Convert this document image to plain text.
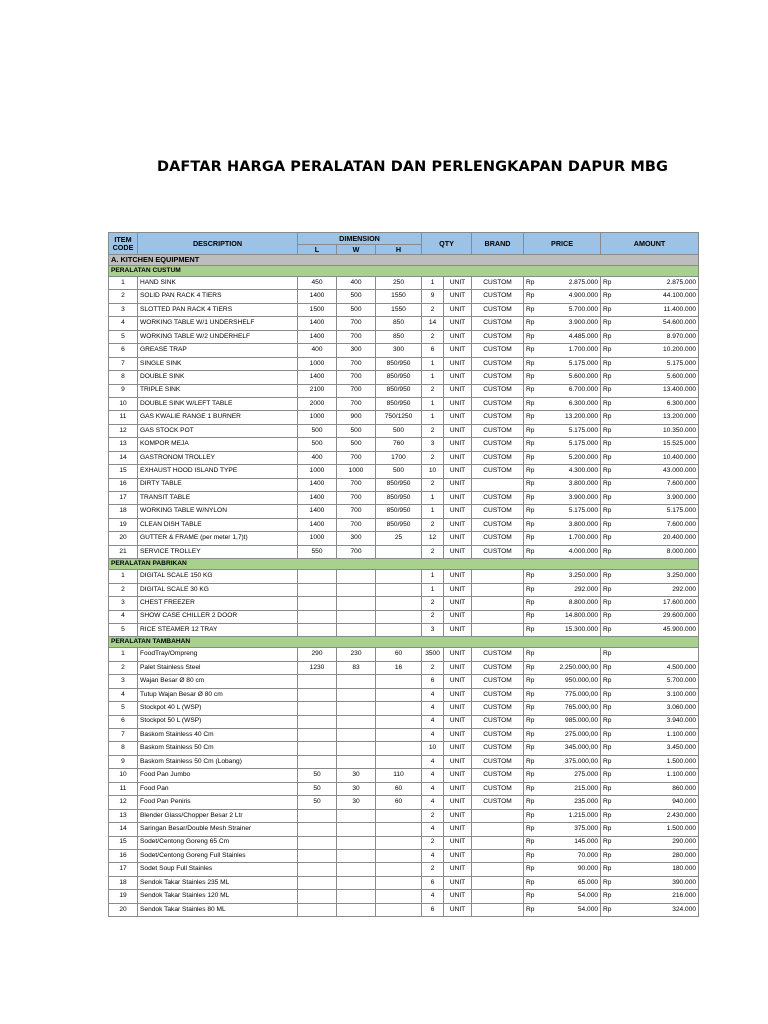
DAFTAR HARGA PERALATAN DAN PERLENGKAPAN DAPUR MBG
ITEM
CODE	DESCRIPTION	DIMENSION			QTY		BRAND	PRICE		AMOUNT	
		L	W	H							
A. KITCHEN EQUIPMENT											
PERALATAN CUSTUM											
1	HAND SINK	450	400	250	1	UNIT	CUSTOM	Rp	2.875.000	Rp	2.875.000
2	SOLID PAN RACK 4 TIERS	1400	500	1550	9	UNIT	CUSTOM	Rp	4.900.000	Rp	44.100.000
3	SLOTTED PAN RACK 4 TIERS	1500	500	1550	2	UNIT	CUSTOM	Rp	5.700.000	Rp	11.400.000
4	WORKING TABLE W/1 UNDERSHELF	1400	700	850	14	UNIT	CUSTOM	Rp	3.900.000	Rp	54.600.000
5	WORKING TABLE W/2 UNDERHELF	1400	700	850	2	UNIT	CUSTOM	Rp	4.485.000	Rp	8.970.000
6	GREASE TRAP	400	300	300	6	UNIT	CUSTOM	Rp	1.700.000	Rp	10.200.000
7	SINGLE SINK	1000	700	850/950	1	UNIT	CUSTOM	Rp	5.175.000	Rp	5.175.000
8	DOUBLE SINK	1400	700	850/950	1	UNIT	CUSTOM	Rp	5.600.000	Rp	5.600.000
9	TRIPLE SINK	2100	700	850/950	2	UNIT	CUSTOM	Rp	6.700.000	Rp	13.400.000
10	DOUBLE SINK W/LEFT TABLE	2000	700	850/950	1	UNIT	CUSTOM	Rp	6.300.000	Rp	6.300.000
11	GAS KWALIE RANGE 1 BURNER	1000	900	750/1250	1	UNIT	CUSTOM	Rp	13.200.000	Rp	13.200.000
12	GAS STOCK POT	500	500	500	2	UNIT	CUSTOM	Rp	5.175.000	Rp	10.350.000
13	KOMPOR MEJA	500	500	760	3	UNIT	CUSTOM	Rp	5.175.000	Rp	15.525.000
14	GASTRONOM TROLLEY	400	700	1700	2	UNIT	CUSTOM	Rp	5.200.000	Rp	10.400.000
15	EXHAUST HOOD ISLAND TYPE	1000	1000	500	10	UNIT	CUSTOM	Rp	4.300.000	Rp	43.000.000
16	DIRTY TABLE	1400	700	850/950	2	UNIT		Rp	3.800.000	Rp	7.600.000
17	TRANSIT TABLE	1400	700	850/950	1	UNIT	CUSTOM	Rp	3.900.000	Rp	3.900.000
18	WORKING TABLE W/NYLON	1400	700	850/950	1	UNIT	CUSTOM	Rp	5.175.000	Rp	5.175.000
19	CLEAN DISH TABLE	1400	700	850/950	2	UNIT	CUSTOM	Rp	3.800.000	Rp	7.600.000
20	GUTTER & FRAME (per meter 1,7)t)	1000	300	25	12	UNIT	CUSTOM	Rp	1.700.000	Rp	20.400.000
21	SERVICE TROLLEY	550	700		2	UNIT	CUSTOM	Rp	4.000.000	Rp	8.000.000
PERALATAN PABRIKAN											
1	DIGITAL SCALE 150 KG				1	UNIT		Rp	3.250.000	Rp	3.250.000
2	DIGITAL SCALE 30 KG				1	UNIT		Rp	292.000	Rp	292.000
3	CHEST FREEZER				2	UNIT		Rp	8.800.000	Rp	17.600.000
4	SHOW CASE CHILLER 2 DOOR				2	UNIT		Rp	14.800.000	Rp	29.600.000
5	RICE STEAMER 12 TRAY				3	UNIT		Rp	15.300.000	Rp	45.900.000
PERALATAN TAMBAHAN											
1	FoodTray/Ompreng	290	230	60	3500	UNIT	CUSTOM	Rp		Rp	
2	Palet Stainless Steel	1230	83	16	2	UNIT	CUSTOM	Rp	2.250.000,00	Rp	4.500.000
3	Wajan Besar Ø 80 cm				6	UNIT	CUSTOM	Rp	950.000,00	Rp	5.700.000
4	Tutup Wajan Besar Ø 80 cm				4	UNIT	CUSTOM	Rp	775.000,00	Rp	3.100.000
5	Stockpot 40 L (WSP)				4	UNIT	CUSTOM	Rp	765.000,00	Rp	3.060.000
6	Stockpot 50 L (WSP)				4	UNIT	CUSTOM	Rp	985.000,00	Rp	3.940.000
7	Baskom Stainless 40 Cm				4	UNIT	CUSTOM	Rp	275.000,00	Rp	1.100.000
8	Baskom Stainless 50 Cm				10	UNIT	CUSTOM	Rp	345.000,00	Rp	3.450.000
9	Baskom Stainless 50 Cm (Lobang)				4	UNIT	CUSTOM	Rp	375.000,00	Rp	1.500.000
10	Food Pan Jumbo	50	30	110	4	UNIT	CUSTOM	Rp	275.000	Rp	1.100.000
11	Food Pan	50	30	60	4	UNIT	CUSTOM	Rp	215.000	Rp	860.000
12	Food Pan Peniris	50	30	60	4	UNIT	CUSTOM	Rp	235.000	Rp	940.000
13	Blender Glass/Chopper Besar 2 Ltr				2	UNIT		Rp	1.215.000	Rp	2.430.000
14	Saringan Besar/Double Mesh Strainer				4	UNIT		Rp	375.000	Rp	1.500.000
15	Sodet/Centong Goreng 65 Cm				2	UNIT		Rp	145.000	Rp	290.000
16	Sodet/Centong Goreng Full Stainles				4	UNIT		Rp	70.000	Rp	280.000
17	Sodet Soup Full Stainles				2	UNIT		Rp	90.000	Rp	180.000
18	Sendok Takar Stainles 235 ML				6	UNIT		Rp	65.000	Rp	390.000
19	Sendok Takar Stainles 120 ML				4	UNIT		Rp	54.000	Rp	216.000
20	Sendok Takar Stainles 80 ML				6	UNIT		Rp	54.000	Rp	324.000
